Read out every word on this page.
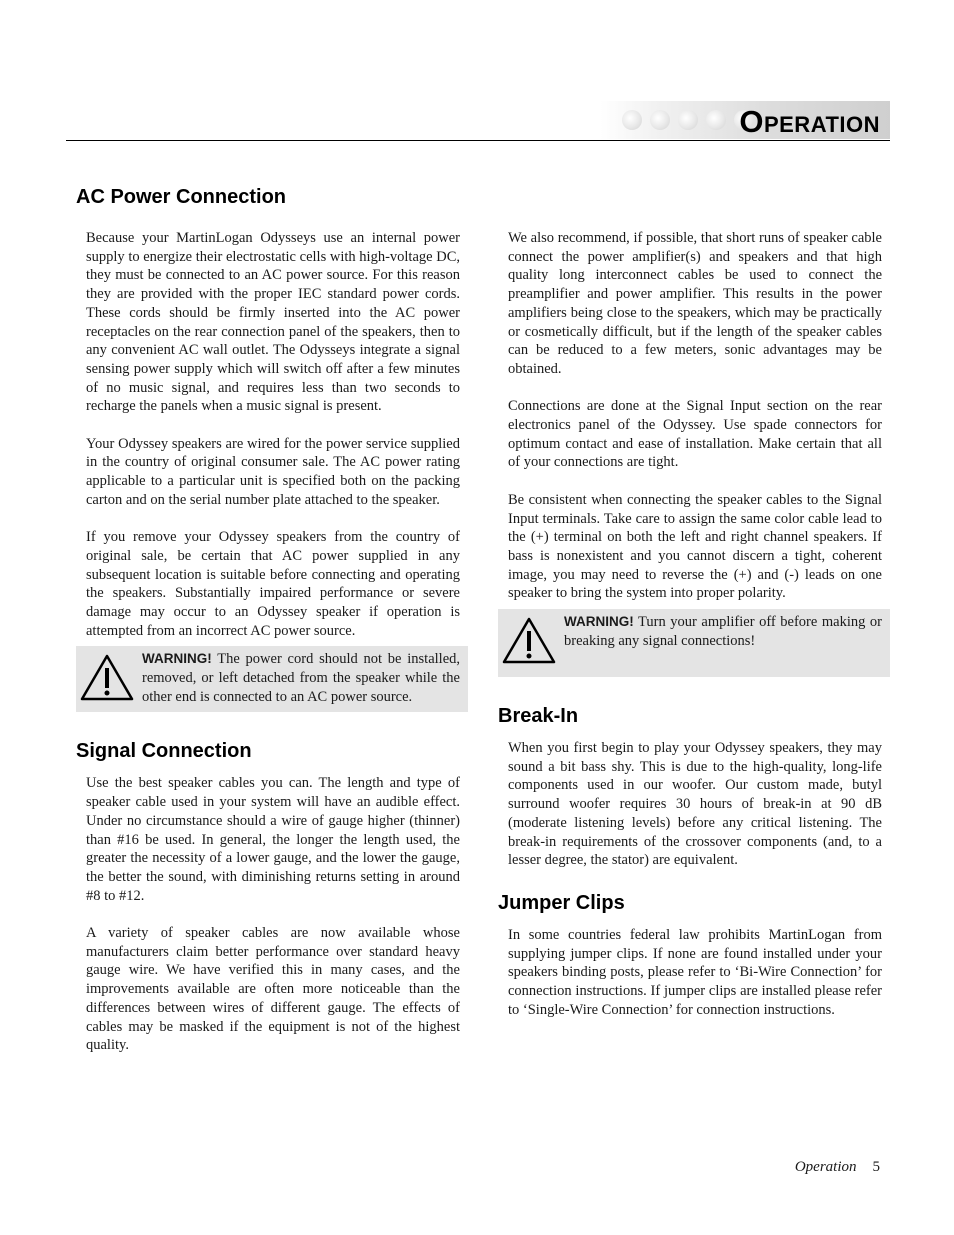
OPERATION
AC Power Connection

Because your MartinLogan Odysseys use an internal power supply to energize their electrostatic cells with high-voltage DC, they must be connected to an AC power source. For this reason they are provided with the proper IEC standard power cords. These cords should be firmly inserted into the AC power receptacles on the rear connection panel of the speakers, then to any convenient AC wall outlet. The Odysseys integrate a signal sensing power supply which will switch off after a few minutes of no music signal, and requires less than two seconds to recharge the panels when a music signal is present.

Your Odyssey speakers are wired for the power service supplied in the country of original consumer sale. The AC power rating applicable to a particular unit is specified both on the packing carton and on the serial number plate attached to the speaker.

If you remove your Odyssey speakers from the country of original sale, be certain that AC power supplied in any subsequent location is suitable before connecting and operating the speakers. Substantially impaired performance or severe damage may occur to an Odyssey speaker if operation is attempted from an incorrect AC power source.

WARNING! The power cord should not be installed, removed, or left detached from the speaker while the other end is connected to an AC power source.
Signal Connection

Use the best speaker cables you can. The length and type of speaker cable used in your system will have an audible effect. Under no circumstance should a wire of gauge higher (thinner) than #16 be used. In general, the longer the length used, the greater the necessity of a lower gauge, and the lower the gauge, the better the sound, with diminishing returns setting in around #8 to #12.

A variety of speaker cables are now available whose manufacturers claim better performance over standard heavy gauge wire. We have verified this in many cases, and the improvements available are often more noticeable than the differences between wires of different gauge. The effects of cables may be masked if the equipment is not of the highest quality.

We also recommend, if possible, that short runs of speaker cable connect the power amplifier(s) and speakers and that high quality long interconnect cables be used to connect the preamplifier and power amplifier. This results in the power amplifiers being close to the speakers, which may be practically or cosmetically difficult, but if the length of the speaker cables can be reduced to a few meters, sonic advantages may be obtained.

Connections are done at the Signal Input section on the rear electronics panel of the Odyssey. Use spade connectors for optimum contact and ease of installation. Make certain that all of your connections are tight.

Be consistent when connecting the speaker cables to the Signal Input terminals. Take care to assign the same color cable lead to the (+) terminal on both the left and right channel speakers. If bass is nonexistent and you cannot discern a tight, coherent image, you may need to reverse the (+) and (-) leads on one speaker to bring the system into proper polarity.

WARNING! Turn your amplifier off before making or breaking any signal connections!
Break-In

When you first begin to play your Odyssey speakers, they may sound a bit bass shy. This is due to the high-quality, long-life components used in our woofer. Our custom made, butyl surround woofer requires 30 hours of break-in at 90 dB (moderate listening levels) before any critical listening. The break-in requirements of the crossover components (and, to a lesser degree, the stator) are equivalent.

Jumper Clips

In some countries federal law prohibits MartinLogan from supplying jumper clips. If none are found installed under your speakers binding posts, please refer to ‘Bi-Wire Connection’ for connection instructions. If jumper clips are installed please refer to ‘Single-Wire Connection’ for connection instructions.

Operation 5
